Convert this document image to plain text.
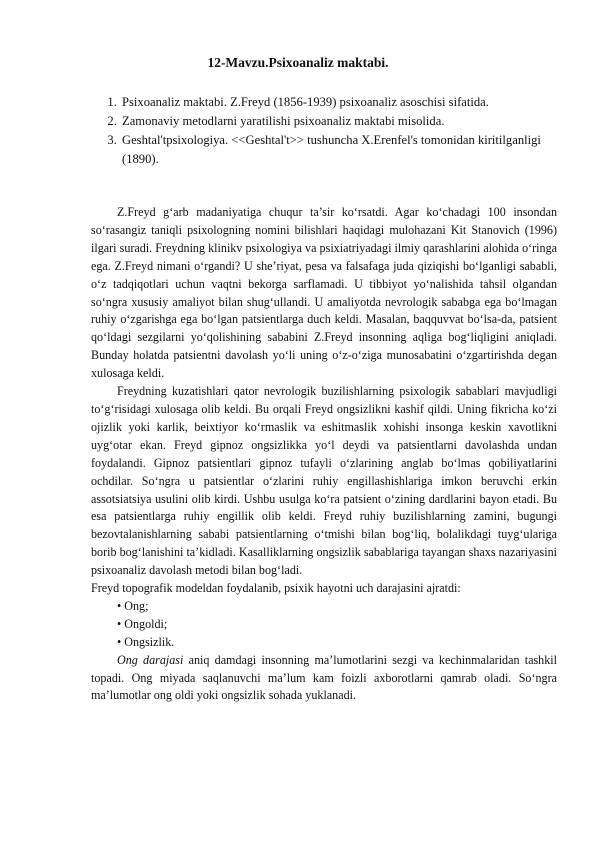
12-Mavzu.Psixoanaliz maktabi.
1. Psixoanaliz maktabi. Z.Freyd (1856-1939) psixoanaliz asoschisi sifatida.
2. Zamonaviy metodlarni yaratilishi psixoanaliz maktabi misolida.
3. Geshtal'tpsixologiya. <<Geshtal't>> tushuncha X.Erenfel's tomonidan kiritilganligi (1890).

Z.Freyd g‘arb madaniyatiga chuqur ta’sir ko‘rsatdi. Agar ko‘chadagi 100 insondan so‘rasangiz taniqli psixologning nomini bilishlari haqidagi mulohazani Kit Stanovich (1996) ilgari suradi. Freydning klinikv psixologiya va psixiatriyadagi ilmiy qarashlarini alohida o‘ringa ega. Z.Freyd nimani o‘rgandi? U she’riyat, pesa va falsafaga juda qiziqishi bo‘lganligi sababli, o‘z tadqiqotlari uchun vaqtni bekorga sarflamadi. U tibbiyot yo‘nalishida tahsil olgandan so‘ngra xususiy amaliyot bilan shug‘ullandi. U amaliyotda nevrologik sababga ega bo‘lmagan ruhiy o‘zgarishga ega bo‘lgan patsientlarga duch keldi. Masalan, baqquvvat bo‘lsa-da, patsient qo‘ldagi sezgilarni yo‘qolishining sababini Z.Freyd insonning aqliga bog‘liqligini aniqladi. Bunday holatda patsientni davolash yo‘li uning o‘z-o‘ziga munosabatini o‘zgartirishda degan xulosaga keldi.

Freydning kuzatishlari qator nevrologik buzilishlarning psixologik sabablari mavjudligi to‘g‘risidagi xulosaga olib keldi. Bu orqali Freyd ongsizlikni kashif qildi. Uning fikricha ko‘zi ojizlik yoki karlik, beixtiyor ko‘rmaslik va eshitmaslik xohishi insonga keskin xavotlikni uyg‘otar ekan. Freyd gipnoz ongsizlikka yo‘l deydi va patsientlarni davolashda undan foydalandi. Gipnoz patsientlari gipnoz tufayli o‘zlarining anglab bo‘lmas qobiliyatlarini ochdilar. So‘ngra u patsientlar o‘zlarini ruhiy engillashishlariga imkon beruvchi erkin assotsiatsiya usulini olib kirdi. Ushbu usulga ko‘ra patsient o‘zining dardlarini bayon etadi. Bu esa patsientlarga ruhiy engillik olib keldi. Freyd ruhiy buzilishlarning zamini, bugungi bezovtalanishlarning sababi patsientlarning o‘tmishi bilan bog‘liq, bolalikdagi tuyg‘ulariga borib bog‘lanishini ta’kidladi. Kasalliklarning ongsizlik sabablariga tayangan shaxs nazariyasini psixoanaliz davolash metodi bilan bog‘ladi.

Freyd topografik modeldan foydalanib, psixik hayotni uch darajasini ajratdi:

• Ong;

• Ongoldi;

• Ongsizlik.

Ong darajasi aniq damdagi insonning ma’lumotlarini sezgi va kechinmalaridan tashkil topadi. Ong miyada saqlanuvchi ma’lum kam foizli axborotlarni qamrab oladi. So‘ngra ma’lumotlar ong oldi yoki ongsizlik sohada yuklanadi.
